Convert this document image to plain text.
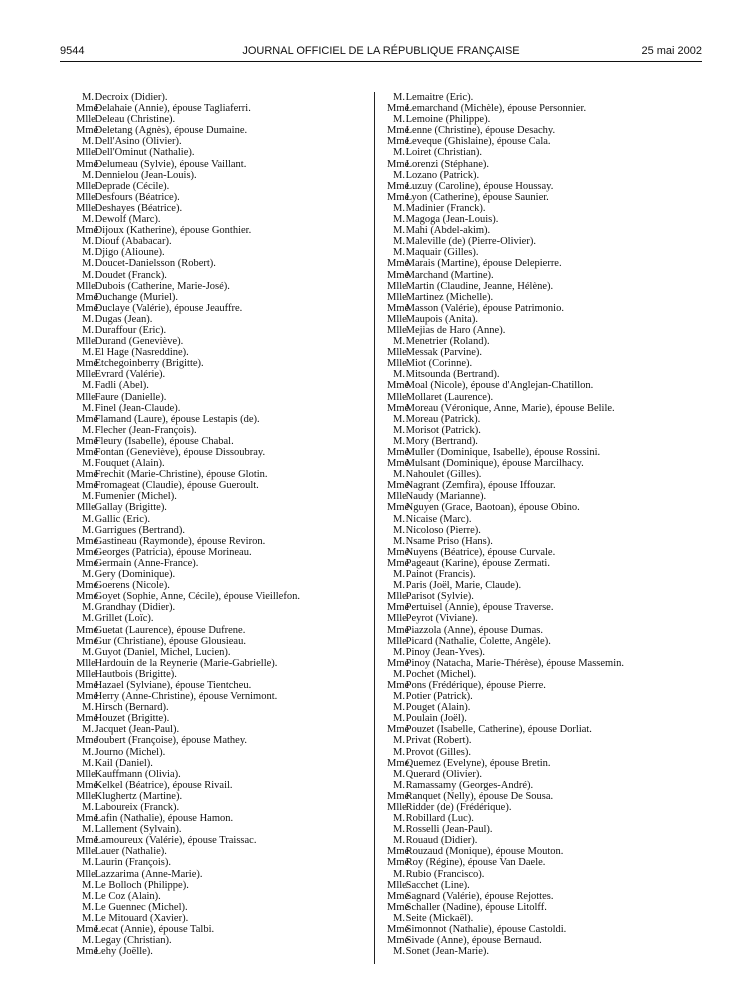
9544	JOURNAL OFFICIEL DE LA RÉPUBLIQUE FRANÇAISE	25 mai 2002
M. Decroix (Didier).
Mme Delahaie (Annie), épouse Tagliaferri.
Mlle Deleau (Christine).
Mme Deletang (Agnès), épouse Dumaine.
M. Dell'Asino (Olivier).
Mlle Dell'Ominut (Nathalie).
Mme Delumeau (Sylvie), épouse Vaillant.
M. Dennielou (Jean-Louis).
Mlle Deprade (Cécile).
Mlle Desfours (Béatrice).
Mlle Deshayes (Béatrice).
M. Dewolf (Marc).
Mme Dijoux (Katherine), épouse Gonthier.
M. Diouf (Ababacar).
M. Djigo (Alioune).
M. Doucet-Danielsson (Robert).
M. Doudet (Franck).
Mlle Dubois (Catherine, Marie-José).
Mme Duchange (Muriel).
Mme Duclaye (Valérie), épouse Jeauffre.
M. Dugas (Jean).
M. Duraffour (Eric).
Mlle Durand (Geneviève).
M. El Hage (Nasreddine).
Mme Etchegoinberry (Brigitte).
Mlle Evrard (Valérie).
M. Fadli (Abel).
Mlle Faure (Danielle).
M. Finel (Jean-Claude).
Mme Flamand (Laure), épouse Lestapis (de).
M. Flecher (Jean-François).
Mme Fleury (Isabelle), épouse Chabal.
Mme Fontan (Geneviève), épouse Dissoubray.
M. Fouquet (Alain).
Mme Frechit (Marie-Christine), épouse Glotin.
Mme Fromageat (Claudie), épouse Gueroult.
M. Fumenier (Michel).
Mlle Gallay (Brigitte).
M. Gallic (Eric).
M. Garrigues (Bertrand).
Mme Gastineau (Raymonde), épouse Reviron.
Mme Georges (Patricia), épouse Morineau.
Mme Germain (Anne-France).
M. Gery (Dominique).
Mme Goerens (Nicole).
Mme Goyet (Sophie, Anne, Cécile), épouse Vieillefon.
M. Grandhay (Didier).
M. Grillet (Loïc).
Mme Guetat (Laurence), épouse Dufrene.
Mme Gur (Christiane), épouse Glousieau.
M. Guyot (Daniel, Michel, Lucien).
Mlle Hardouin de la Reynerie (Marie-Gabrielle).
Mlle Hautbois (Brigitte).
Mme Hazael (Sylviane), épouse Tientcheu.
Mme Herry (Anne-Christine), épouse Vernimont.
M. Hirsch (Bernard).
Mme Houzet (Brigitte).
M. Jacquet (Jean-Paul).
Mme Joubert (Françoise), épouse Mathey.
M. Journo (Michel).
M. Kail (Daniel).
Mlle Kauffmann (Olivia).
Mme Kelkel (Béatrice), épouse Rivail.
Mlle Klughertz (Martine).
M. Laboureix (Franck).
Mme Lafin (Nathalie), épouse Hamon.
M. Lallement (Sylvain).
Mme Lamoureux (Valérie), épouse Traissac.
Mlle Lauer (Nathalie).
M. Laurin (François).
Mlle Lazzarima (Anne-Marie).
M. Le Bolloch (Philippe).
M. Le Coz (Alain).
M. Le Guennec (Michel).
M. Le Mitouard (Xavier).
Mme Lecat (Annie), épouse Talbi.
M. Legay (Christian).
Mme Lehy (Joëlle).
M. Lemaitre (Eric).
Mme Lemarchand (Michèle), épouse Personnier.
M. Lemoine (Philippe).
Mme Lenne (Christine), épouse Desachy.
Mme Leveque (Ghislaine), épouse Cala.
M. Loiret (Christian).
Mme Lorenzi (Stéphane).
M. Lozano (Patrick).
Mme Luzuy (Caroline), épouse Houssay.
Mme Lyon (Catherine), épouse Saunier.
M. Madinier (Franck).
M. Magoga (Jean-Louis).
M. Mahi (Abdel-akim).
M. Maleville (de) (Pierre-Olivier).
M. Maquair (Gilles).
Mme Marais (Martine), épouse Delepierre.
Mme Marchand (Martine).
Mlle Martin (Claudine, Jeanne, Hélène).
Mlle Martinez (Michelle).
Mme Masson (Valérie), épouse Patrimonio.
Mlle Maupois (Anita).
Mlle Mejias de Haro (Anne).
M. Menetrier (Roland).
Mlle Messak (Parvine).
Mlle Miot (Corinne).
M. Mitsounda (Bertrand).
Mme Moal (Nicole), épouse d'Anglejan-Chatillon.
Mlle Mollaret (Laurence).
Mme Moreau (Véronique, Anne, Marie), épouse Belile.
M. Moreau (Patrick).
M. Morisot (Patrick).
M. Mory (Bertrand).
Mme Muller (Dominique, Isabelle), épouse Rossini.
Mme Mulsant (Dominique), épouse Marcilhacy.
M. Nahoulet (Gilles).
Mme Nagrant (Zemfira), épouse Iffouzar.
Mlle Naudy (Marianne).
Mme Nguyen (Grace, Baotoan), épouse Obino.
M. Nicaise (Marc).
M. Nicoloso (Pierre).
M. Nsame Priso (Hans).
Mme Nuyens (Béatrice), épouse Curvale.
Mme Pageaut (Karine), épouse Zermati.
M. Painot (Francis).
M. Paris (Joël, Marie, Claude).
Mlle Parisot (Sylvie).
Mme Pertuisel (Annie), épouse Traverse.
Mlle Peyrot (Viviane).
Mme Piazzola (Anne), épouse Dumas.
Mlle Picard (Nathalie, Colette, Angèle).
M. Pinoy (Jean-Yves).
Mme Pinoy (Natacha, Marie-Thérèse), épouse Massemin.
M. Pochet (Michel).
Mme Pons (Frédérique), épouse Pierre.
M. Potier (Patrick).
M. Pouget (Alain).
M. Poulain (Joël).
Mme Pouzet (Isabelle, Catherine), épouse Dorliat.
M. Privat (Robert).
M. Provot (Gilles).
Mme Quemez (Evelyne), épouse Bretin.
M. Querard (Olivier).
M. Ramassamy (Georges-André).
Mme Ranquet (Nelly), épouse De Sousa.
Mlle Ridder (de) (Frédérique).
M. Robillard (Luc).
M. Rosselli (Jean-Paul).
M. Rouaud (Didier).
Mme Rouzaud (Monique), épouse Mouton.
Mme Roy (Régine), épouse Van Daele.
M. Rubio (Francisco).
Mlle Sacchet (Line).
Mme Sagnard (Valérie), épouse Rejottes.
Mme Schaller (Nadine), épouse Litolff.
M. Seite (Mickaël).
Mme Simonnot (Nathalie), épouse Castoldi.
Mme Sivade (Anne), épouse Bernaud.
M. Sonet (Jean-Marie).
